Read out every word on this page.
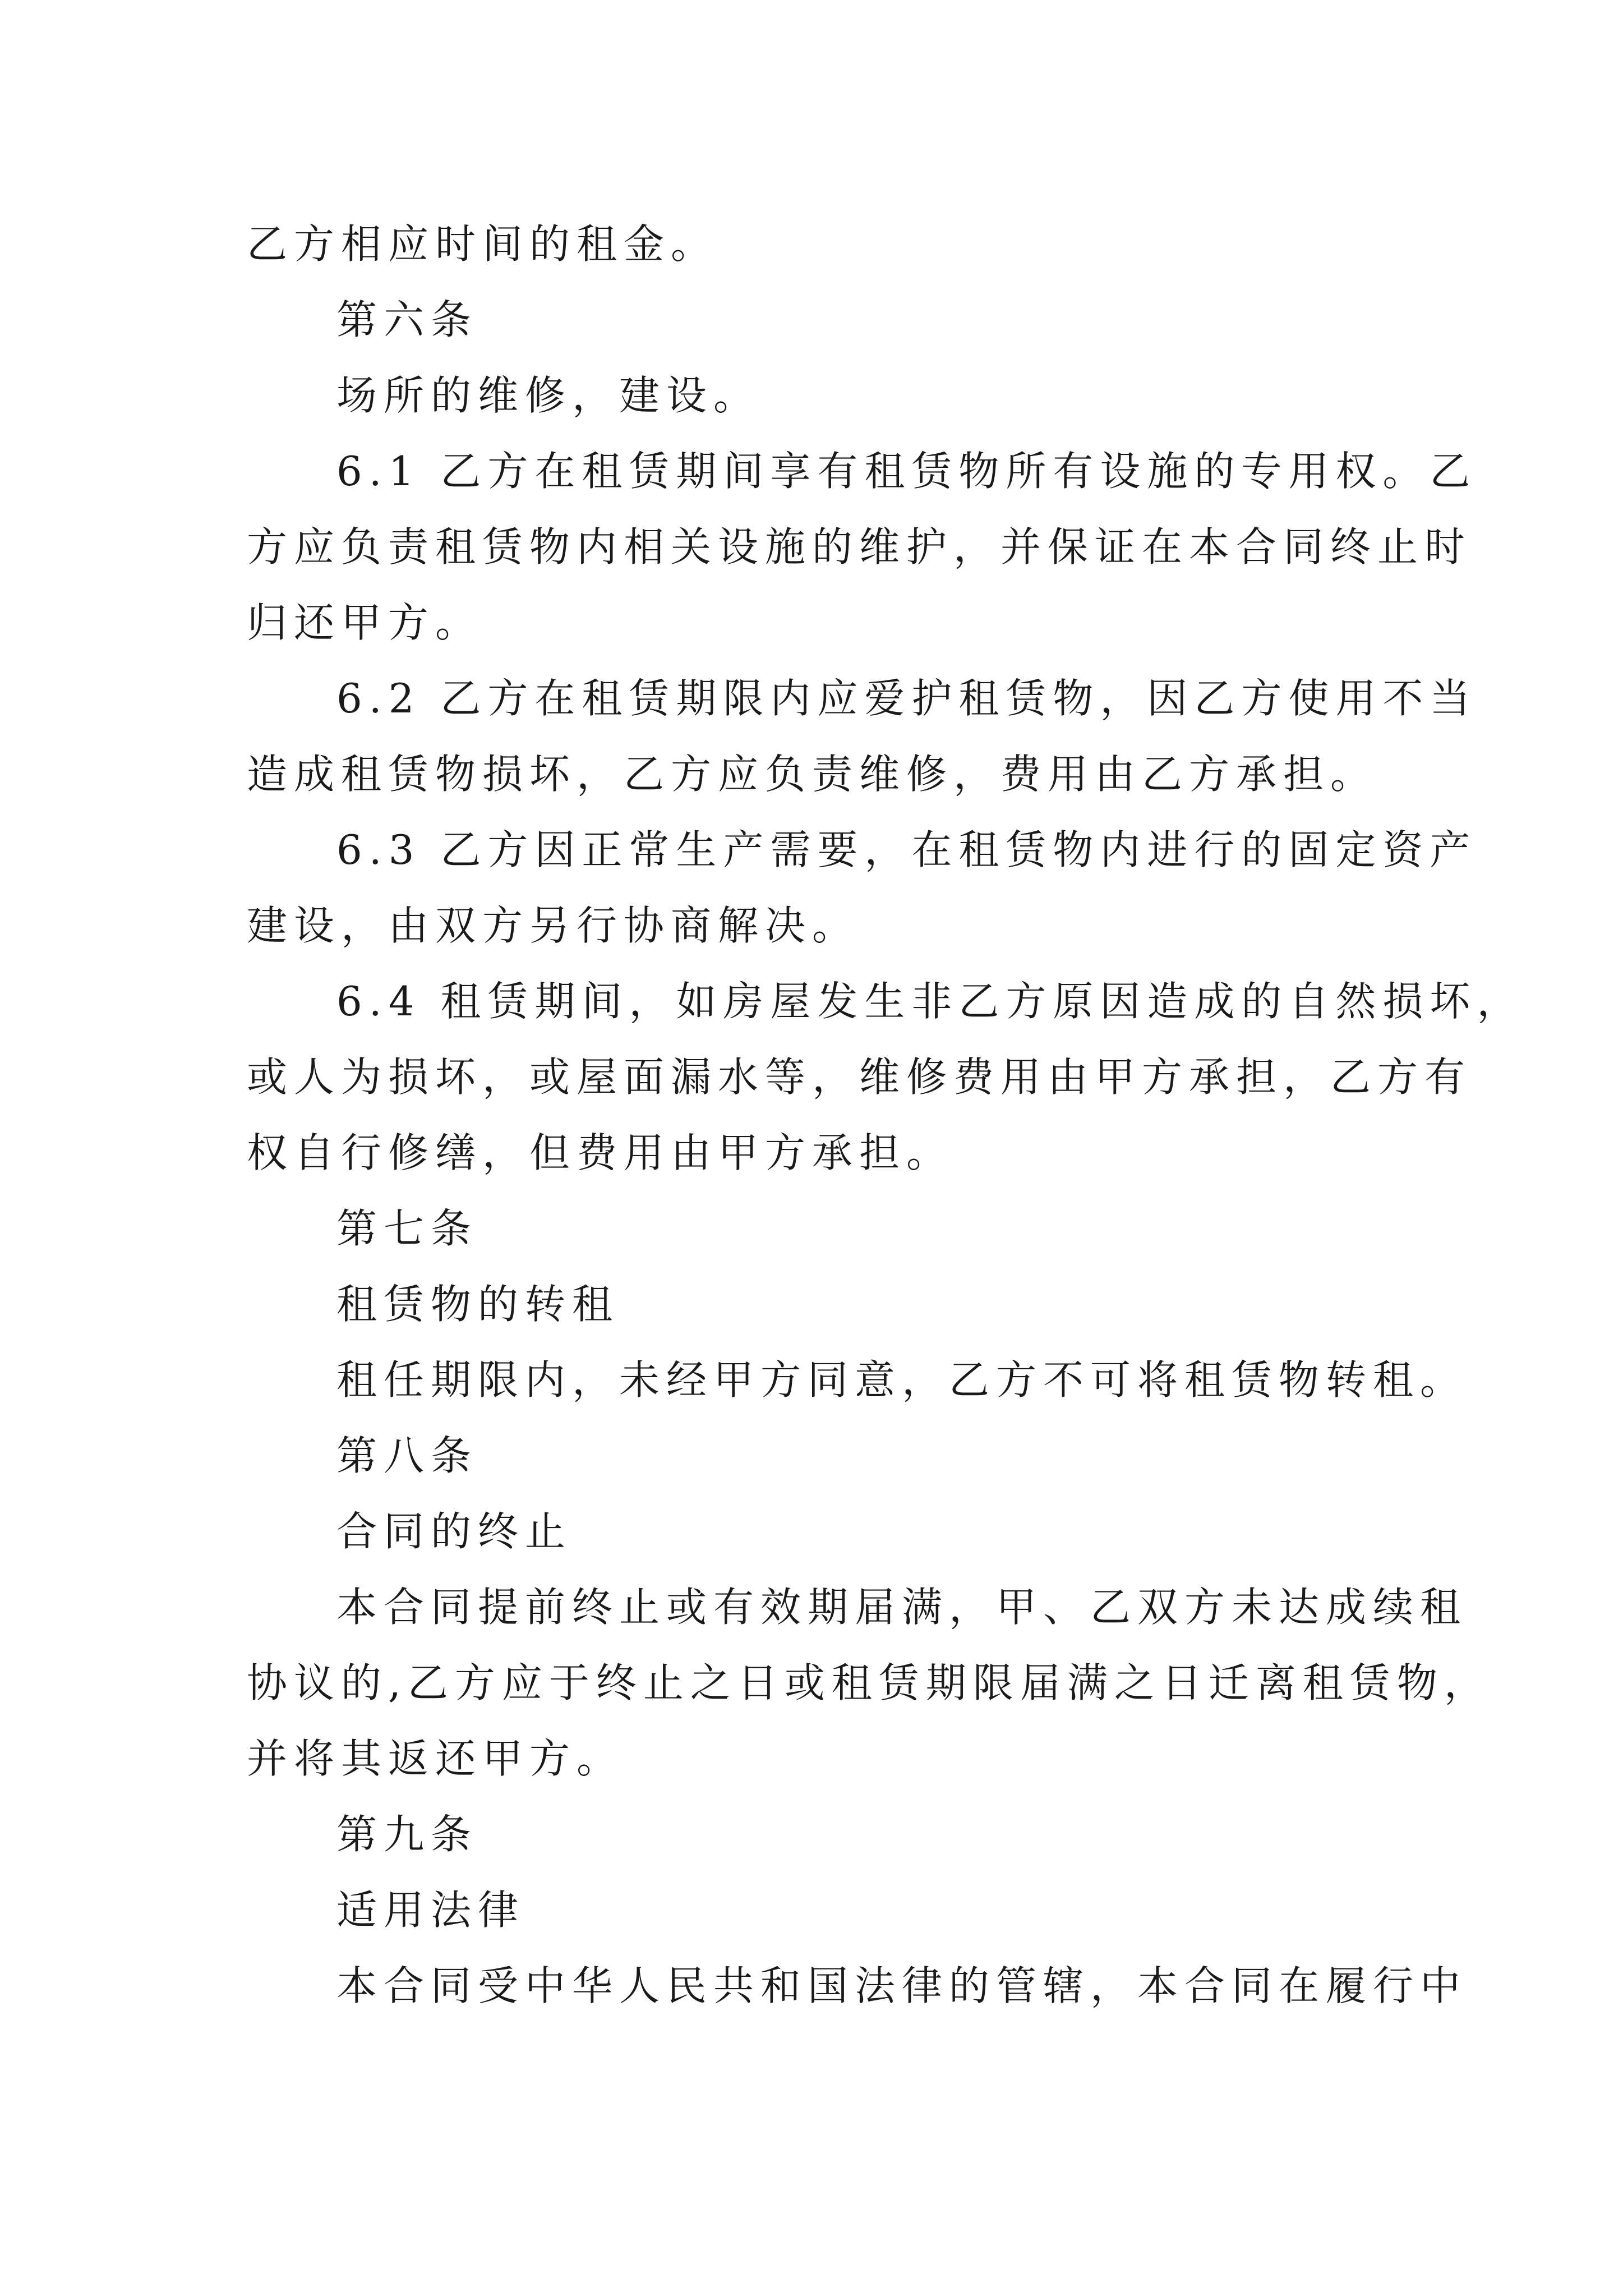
乙方相应时间的租金。
第六条
场所的维修，建设。
6.1 乙方在租赁期间享有租赁物所有设施的专用权。乙
方应负责租赁物内相关设施的维护，并保证在本合同终止时
归还甲方。
6.2 乙方在租赁期限内应爱护租赁物，因乙方使用不当
造成租赁物损坏，乙方应负责维修，费用由乙方承担。
6.3 乙方因正常生产需要，在租赁物内进行的固定资产
建设，由双方另行协商解决。
6.4 租赁期间，如房屋发生非乙方原因造成的自然损坏，
或人为损坏，或屋面漏水等，维修费用由甲方承担，乙方有
权自行修缮，但费用由甲方承担。
第七条
租赁物的转租
租任期限内，未经甲方同意，乙方不可将租赁物转租。
第八条
合同的终止
本合同提前终止或有效期届满，甲、乙双方未达成续租
协议的,乙方应于终止之日或租赁期限届满之日迁离租赁物，
并将其返还甲方。
第九条
适用法律
本合同受中华人民共和国法律的管辖，本合同在履行中
